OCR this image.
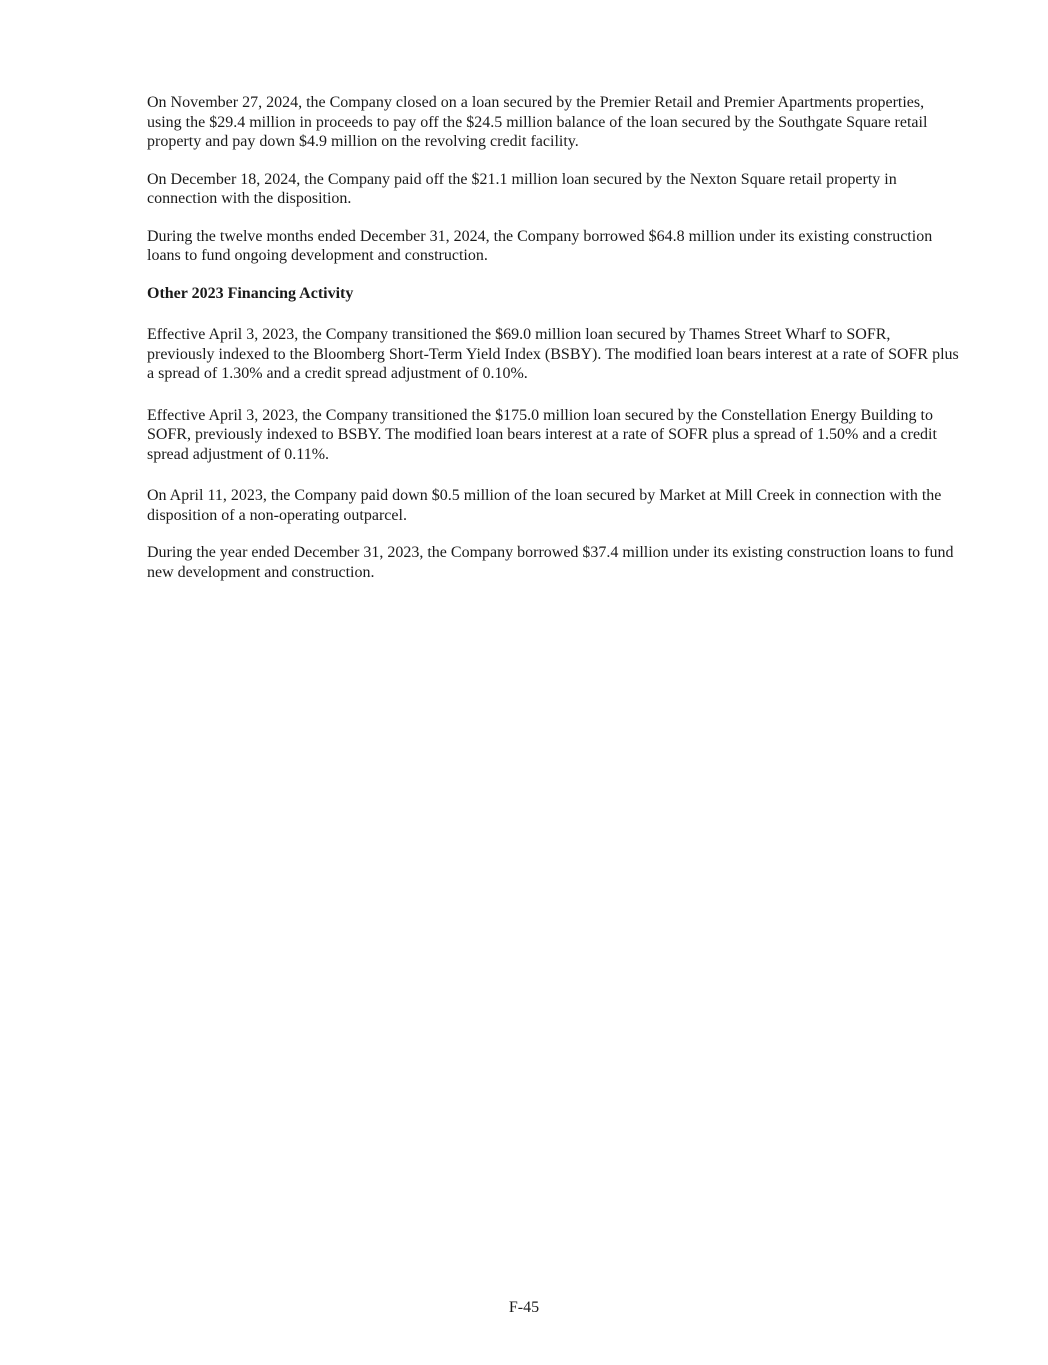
On November 27, 2024, the Company closed on a loan secured by the Premier Retail and Premier Apartments properties, using the $29.4 million in proceeds to pay off the $24.5 million balance of the loan secured by the Southgate Square retail property and pay down $4.9 million on the revolving credit facility.

On December 18, 2024, the Company paid off the $21.1 million loan secured by the Nexton Square retail property in connection with the disposition.

During the twelve months ended December 31, 2024, the Company borrowed $64.8 million under its existing construction loans to fund ongoing development and construction.

Other 2023 Financing Activity

Effective April 3, 2023, the Company transitioned the $69.0 million loan secured by Thames Street Wharf to SOFR, previously indexed to the Bloomberg Short-Term Yield Index (BSBY). The modified loan bears interest at a rate of SOFR plus a spread of 1.30% and a credit spread adjustment of 0.10%.

Effective April 3, 2023, the Company transitioned the $175.0 million loan secured by the Constellation Energy Building to SOFR, previously indexed to BSBY. The modified loan bears interest at a rate of SOFR plus a spread of 1.50% and a credit spread adjustment of 0.11%.

On April 11, 2023, the Company paid down $0.5 million of the loan secured by Market at Mill Creek in connection with the disposition of a non-operating outparcel.

During the year ended December 31, 2023, the Company borrowed $37.4 million under its existing construction loans to fund new development and construction.

F-45
